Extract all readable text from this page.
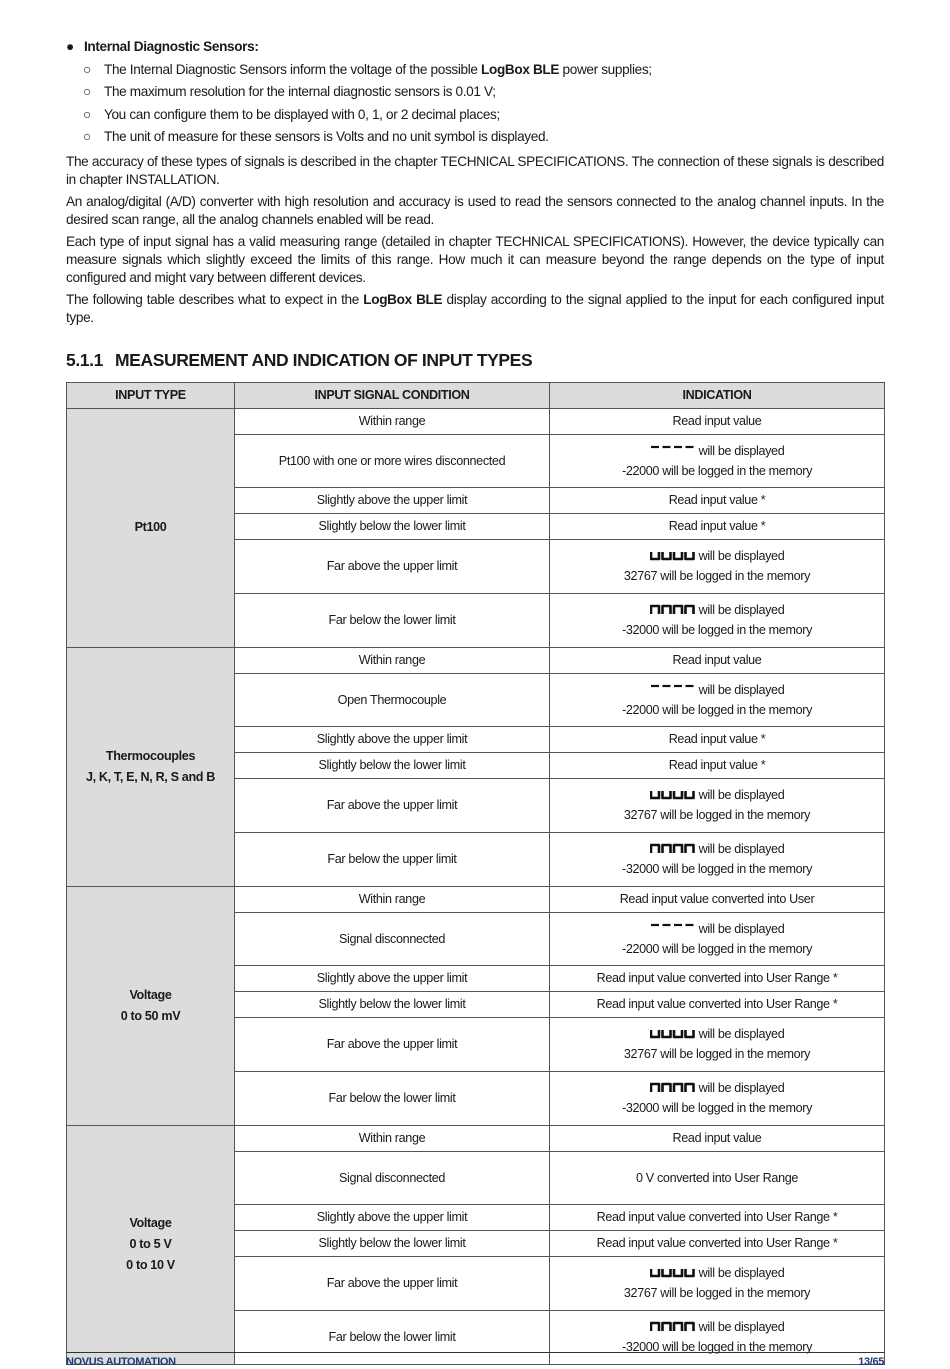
● Internal Diagnostic Sensors:
○ The Internal Diagnostic Sensors inform the voltage of the possible LogBox BLE power supplies;
○ The maximum resolution for the internal diagnostic sensors is 0.01 V;
○ You can configure them to be displayed with 0, 1, or 2 decimal places;
○ The unit of measure for these sensors is Volts and no unit symbol is displayed.

The accuracy of these types of signals is described in the chapter TECHNICAL SPECIFICATIONS. The connection of these signals is described in chapter INSTALLATION.

An analog/digital (A/D) converter with high resolution and accuracy is used to read the sensors connected to the analog channel inputs. In the desired scan range, all the analog channels enabled will be read.

Each type of input signal has a valid measuring range (detailed in chapter TECHNICAL SPECIFICATIONS). However, the device typically can measure signals which slightly exceed the limits of this range. How much it can measure beyond the range depends on the type of input configured and might vary between different devices.

The following table describes what to expect in the LogBox BLE display according to the signal applied to the input for each configured input type.

5.1.1 MEASUREMENT AND INDICATION OF INPUT TYPES
INPUT TYPE	INPUT SIGNAL CONDITION	INDICATION

Pt100	Within range	Read input value
	Pt100 with one or more wires disconnected	will be displayed
-22000 will be logged in the memory

	Slightly above the upper limit	Read input value *
	Slightly below the lower limit	Read input value *
	Far above the upper limit	will be displayed
32767 will be logged in the memory

	Far below the lower limit	will be displayed
-32000 will be logged in the memory

Thermocouples
J, K, T, E, N, R, S and B	Within range	Read input value
	Open Thermocouple	will be displayed
-22000 will be logged in the memory

	Slightly above the upper limit	Read input value *
	Slightly below the lower limit	Read input value *
	Far above the upper limit	will be displayed
32767 will be logged in the memory

	Far below the upper limit	will be displayed
-32000 will be logged in the memory

Voltage
0 to 50 mV	Within range	Read input value converted into User
	Signal disconnected	will be displayed
-22000 will be logged in the memory

	Slightly above the upper limit	Read input value converted into User Range *
	Slightly below the lower limit	Read input value converted into User Range *
	Far above the upper limit	will be displayed
32767 will be logged in the memory

	Far below the lower limit	will be displayed
-32000 will be logged in the memory

Voltage
0 to 5 V
0 to 10 V	Within range	Read input value
	Signal disconnected	0 V converted into User Range
	Slightly above the upper limit	Read input value converted into User Range *
	Slightly below the lower limit	Read input value converted into User Range *
	Far above the upper limit	will be displayed
32767 will be logged in the memory

	Far below the lower limit	will be displayed
-32000 will be logged in the memory
NOVUS AUTOMATION	13/65
